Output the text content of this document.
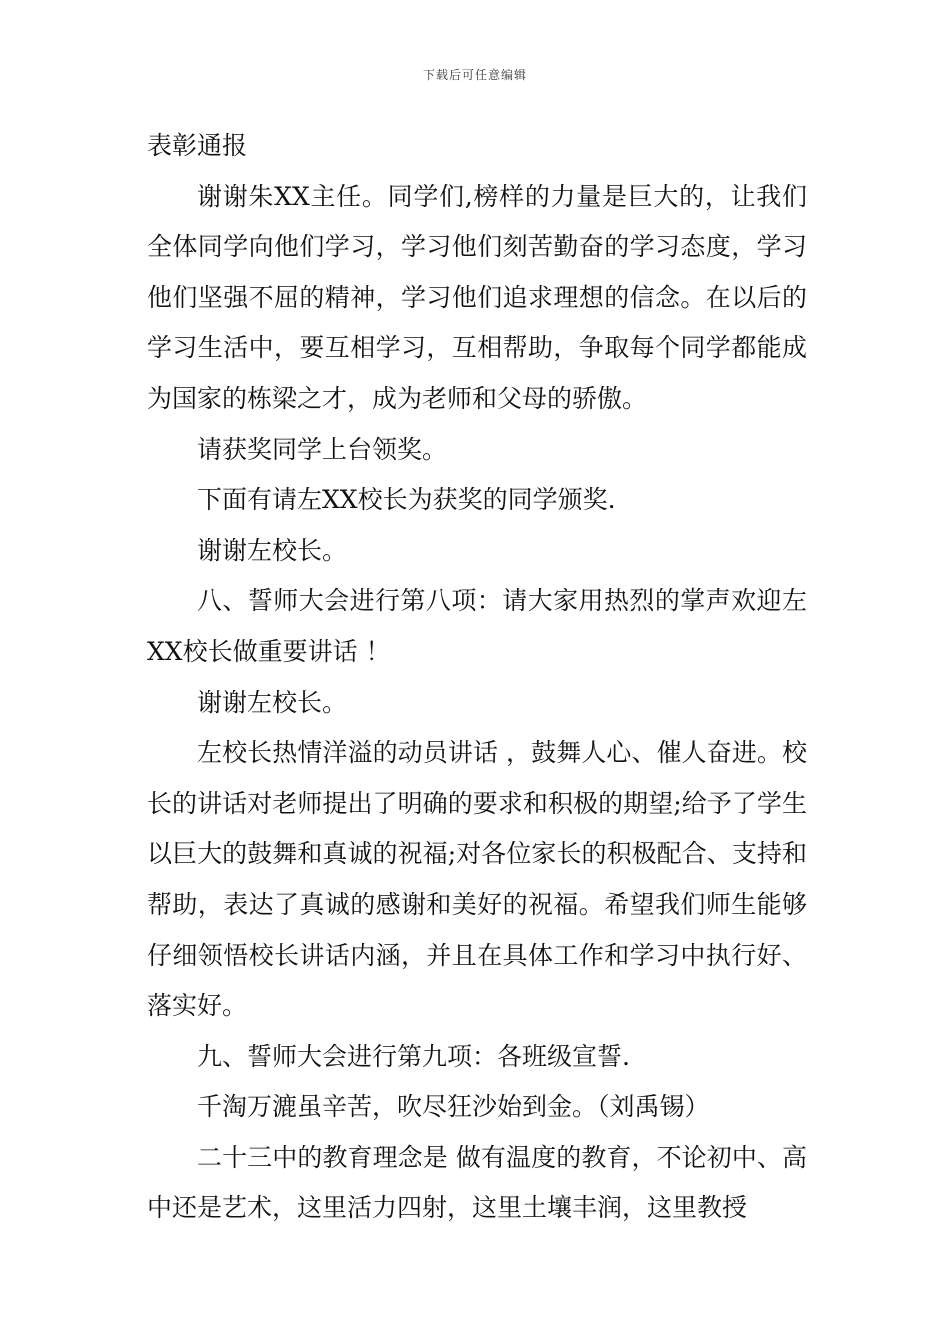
下载后可任意编辑

表彰通报

谢谢朱XX主任。同学们,榜样的力量是巨大的，让我们全体同学向他们学习，学习他们刻苦勤奋的学习态度，学习他们坚强不屈的精神，学习他们追求理想的信念。在以后的学习生活中，要互相学习，互相帮助，争取每个同学都能成为国家的栋梁之才，成为老师和父母的骄傲。

请获奖同学上台领奖。

下面有请左XX校长为获奖的同学颁奖.

谢谢左校长。

八、誓师大会进行第八项：请大家用热烈的掌声欢迎左XX校长做重要讲话 ！

谢谢左校长。

左校长热情洋溢的动员讲话 ，鼓舞人心、催人奋进。校长的讲话对老师提出了明确的要求和积极的期望;给予了学生以巨大的鼓舞和真诚的祝福;对各位家长的积极配合、支持和帮助，表达了真诚的感谢和美好的祝福。希望我们师生能够仔细领悟校长讲话内涵，并且在具体工作和学习中执行好、落实好。

九、誓师大会进行第九项：各班级宣誓.

千淘万漉虽辛苦，吹尽狂沙始到金。（刘禹锡）

二十三中的教育理念是 做有温度的教育，不论初中、高中还是艺术，这里活力四射，这里土壤丰润，这里教授
